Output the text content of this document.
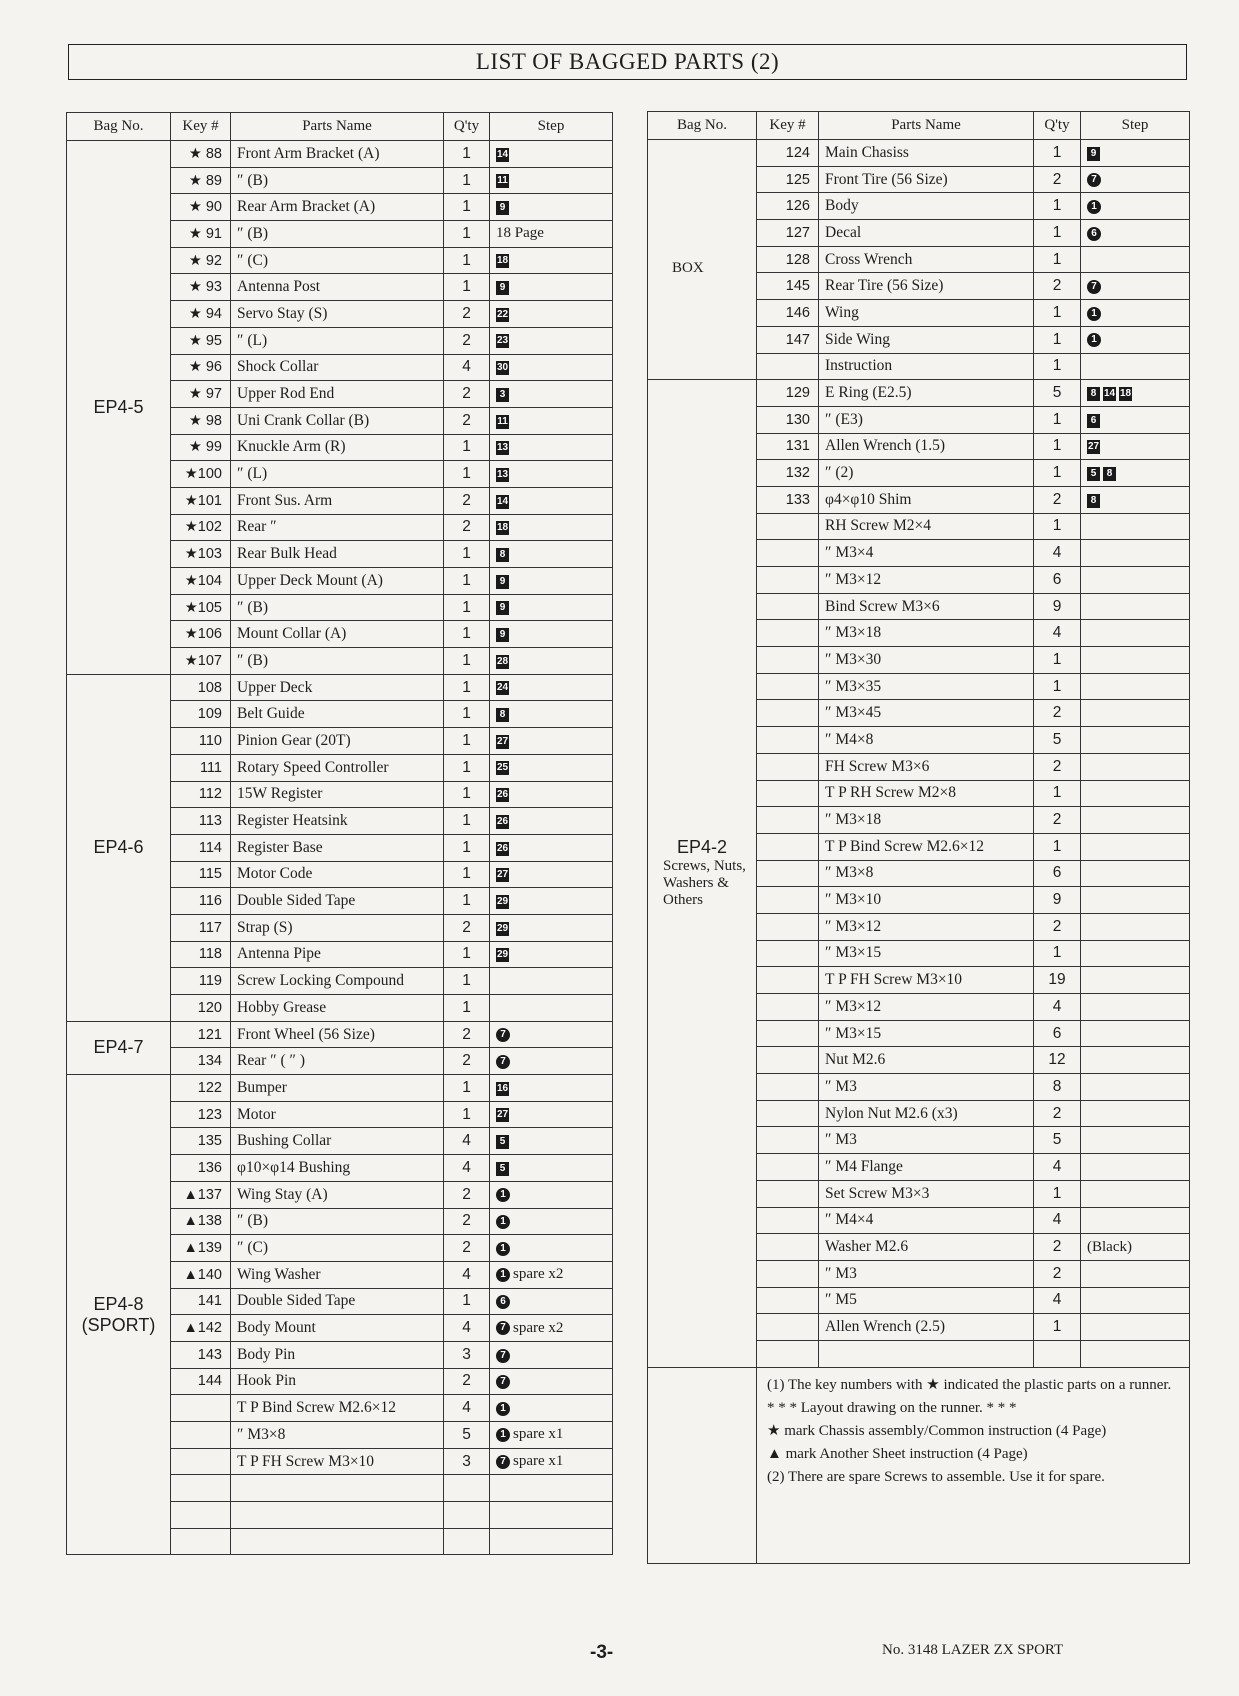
LIST OF BAGGED PARTS (2)
Bag No.	Key #	Parts Name	Q'ty	Step

EP4-5	★ 88	Front Arm Bracket (A)	1	14
	★ 89	″ (B)	1	11
	★ 90	Rear Arm Bracket (A)	1	9
	★ 91	″ (B)	1	18 Page
	★ 92	″ (C)	1	18
	★ 93	Antenna Post	1	9
	★ 94	Servo Stay (S)	2	22
	★ 95	″ (L)	2	23
	★ 96	Shock Collar	4	30
	★ 97	Upper Rod End	2	3
	★ 98	Uni Crank Collar (B)	2	11
	★ 99	Knuckle Arm (R)	1	13
	★100	″ (L)	1	13
	★101	Front Sus. Arm	2	14
	★102	Rear ″	2	18
	★103	Rear Bulk Head	1	8
	★104	Upper Deck Mount (A)	1	9
	★105	″ (B)	1	9
	★106	Mount Collar (A)	1	9
	★107	″ (B)	1	28

EP4-6	108	Upper Deck	1	24
	109	Belt Guide	1	8
	110	Pinion Gear (20T)	1	27
	111	Rotary Speed Controller	1	25
	112	15W Register	1	26
	113	Register Heatsink	1	26
	114	Register Base	1	26
	115	Motor Code	1	27
	116	Double Sided Tape	1	29
	117	Strap (S)	2	29
	118	Antenna Pipe	1	29
	119	Screw Locking Compound	1	
	120	Hobby Grease	1	

EP4-7	121	Front Wheel (56 Size)	2	7
	134	Rear ″ ( ″ )	2	7

EP4-8
(SPORT)	122	Bumper	1	16
	123	Motor	1	27
	135	Bushing Collar	4	5
	136	φ10×φ14 Bushing	4	5
	▲137	Wing Stay (A)	2	1
	▲138	″ (B)	2	1
	▲139	″ (C)	2	1
	▲140	Wing Washer	4	1 spare x2
	141	Double Sided Tape	1	6
	▲142	Body Mount	4	7 spare x2
	143	Body Pin	3	7
	144	Hook Pin	2	7
		T P Bind Screw M2.6×12	4	1
		″ M3×8	5	1 spare x1
		T P FH Screw M3×10	3	7 spare x1

Bag No.	Key #	Parts Name	Q'ty	Step

BOX	124	Main Chasiss	1	9
	125	Front Tire (56 Size)	2	7
	126	Body	1	1
	127	Decal	1	6
	128	Cross Wrench	1	
	145	Rear Tire (56 Size)	2	7
	146	Wing	1	1
	147	Side Wing	1	1
		Instruction	1	

EP4-2
Screws, Nuts, Washers & Others	129	E Ring (E2.5)	5	8 14 18
	130	″ (E3)	1	6
	131	Allen Wrench (1.5)	1	27
	132	″ (2)	1	5 8
	133	φ4×φ10 Shim	2	8
		RH Screw M2×4	1	
		″ M3×4	4	
		″ M3×12	6	
		Bind Screw M3×6	9	
		″ M3×18	4	
		″ M3×30	1	
		″ M3×35	1	
		″ M3×45	2	
		″ M4×8	5	
		FH Screw M3×6	2	
		T P RH Screw M2×8	1	
		″ M3×18	2	
		T P Bind Screw M2.6×12	1	
		″ M3×8	6	
		″ M3×10	9	
		″ M3×12	2	
		″ M3×15	1	
		T P FH Screw M3×10	19	
		″ M3×12	4	
		″ M3×15	6	
		Nut M2.6	12	
		″ M3	8	
		Nylon Nut M2.6 (x3)	2	
		″ M3	5	
		″ M4 Flange	4	
		Set Screw M3×3	1	
		″ M4×4	4	
		Washer M2.6	2	(Black)
		″ M3	2	
		″ M5	4	
		Allen Wrench (2.5)	1	

	(1) The key numbers with ★ indicated the plastic parts on a runner.

* * * Layout drawing on the runner. * * *

★ mark Chassis assembly/Common instruction (4 Page)

▲ mark Another Sheet instruction (4 Page)

(2) There are spare Screws to assemble. Use it for spare.			

-3-	No. 3148 LAZER ZX SPORT
